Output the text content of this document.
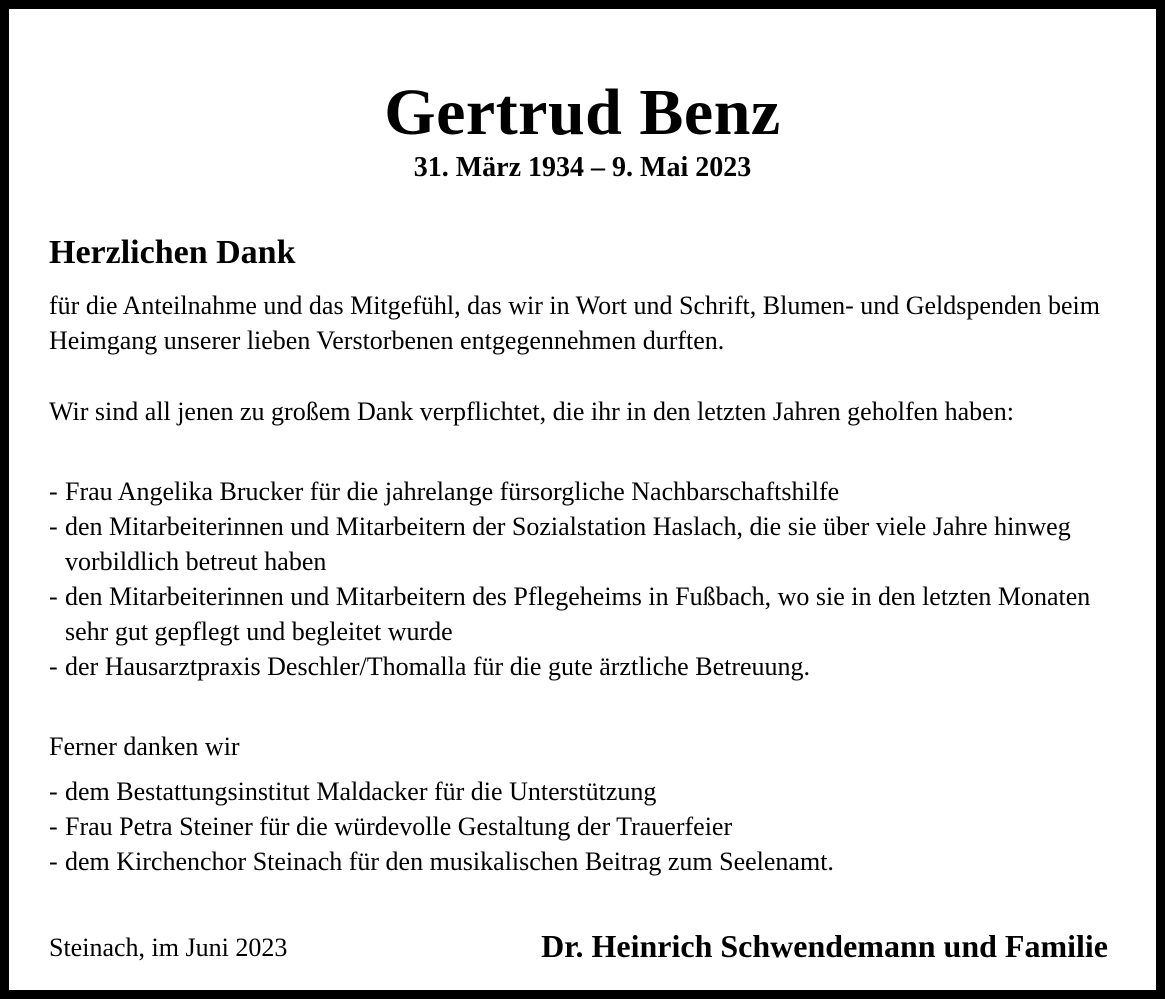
Gertrud Benz
31. März 1934 – 9. Mai 2023
Herzlichen Dank
für die Anteilnahme und das Mitgefühl, das wir in Wort und Schrift, Blumen- und Geldspenden beim Heimgang unserer lieben Verstorbenen entgegennehmen durften.
Wir sind all jenen zu großem Dank verpflichtet, die ihr in den letzten Jahren geholfen haben:
- Frau Angelika Brucker für die jahrelange fürsorgliche Nachbarschaftshilfe
- den Mitarbeiterinnen und Mitarbeitern der Sozialstation Haslach, die sie über viele Jahre hinweg vorbildlich betreut haben
- den Mitarbeiterinnen und Mitarbeitern des Pflegeheims in Fußbach, wo sie in den letzten Monaten sehr gut gepflegt und begleitet wurde
- der Hausarztpraxis Deschler/Thomalla für die gute ärztliche Betreuung.
Ferner danken wir
- dem Bestattungsinstitut Maldacker für die Unterstützung
- Frau Petra Steiner für die würdevolle Gestaltung der Trauerfeier
- dem Kirchenchor Steinach für den musikalischen Beitrag zum Seelenamt.
Steinach, im Juni 2023	Dr. Heinrich Schwendemann und Familie
